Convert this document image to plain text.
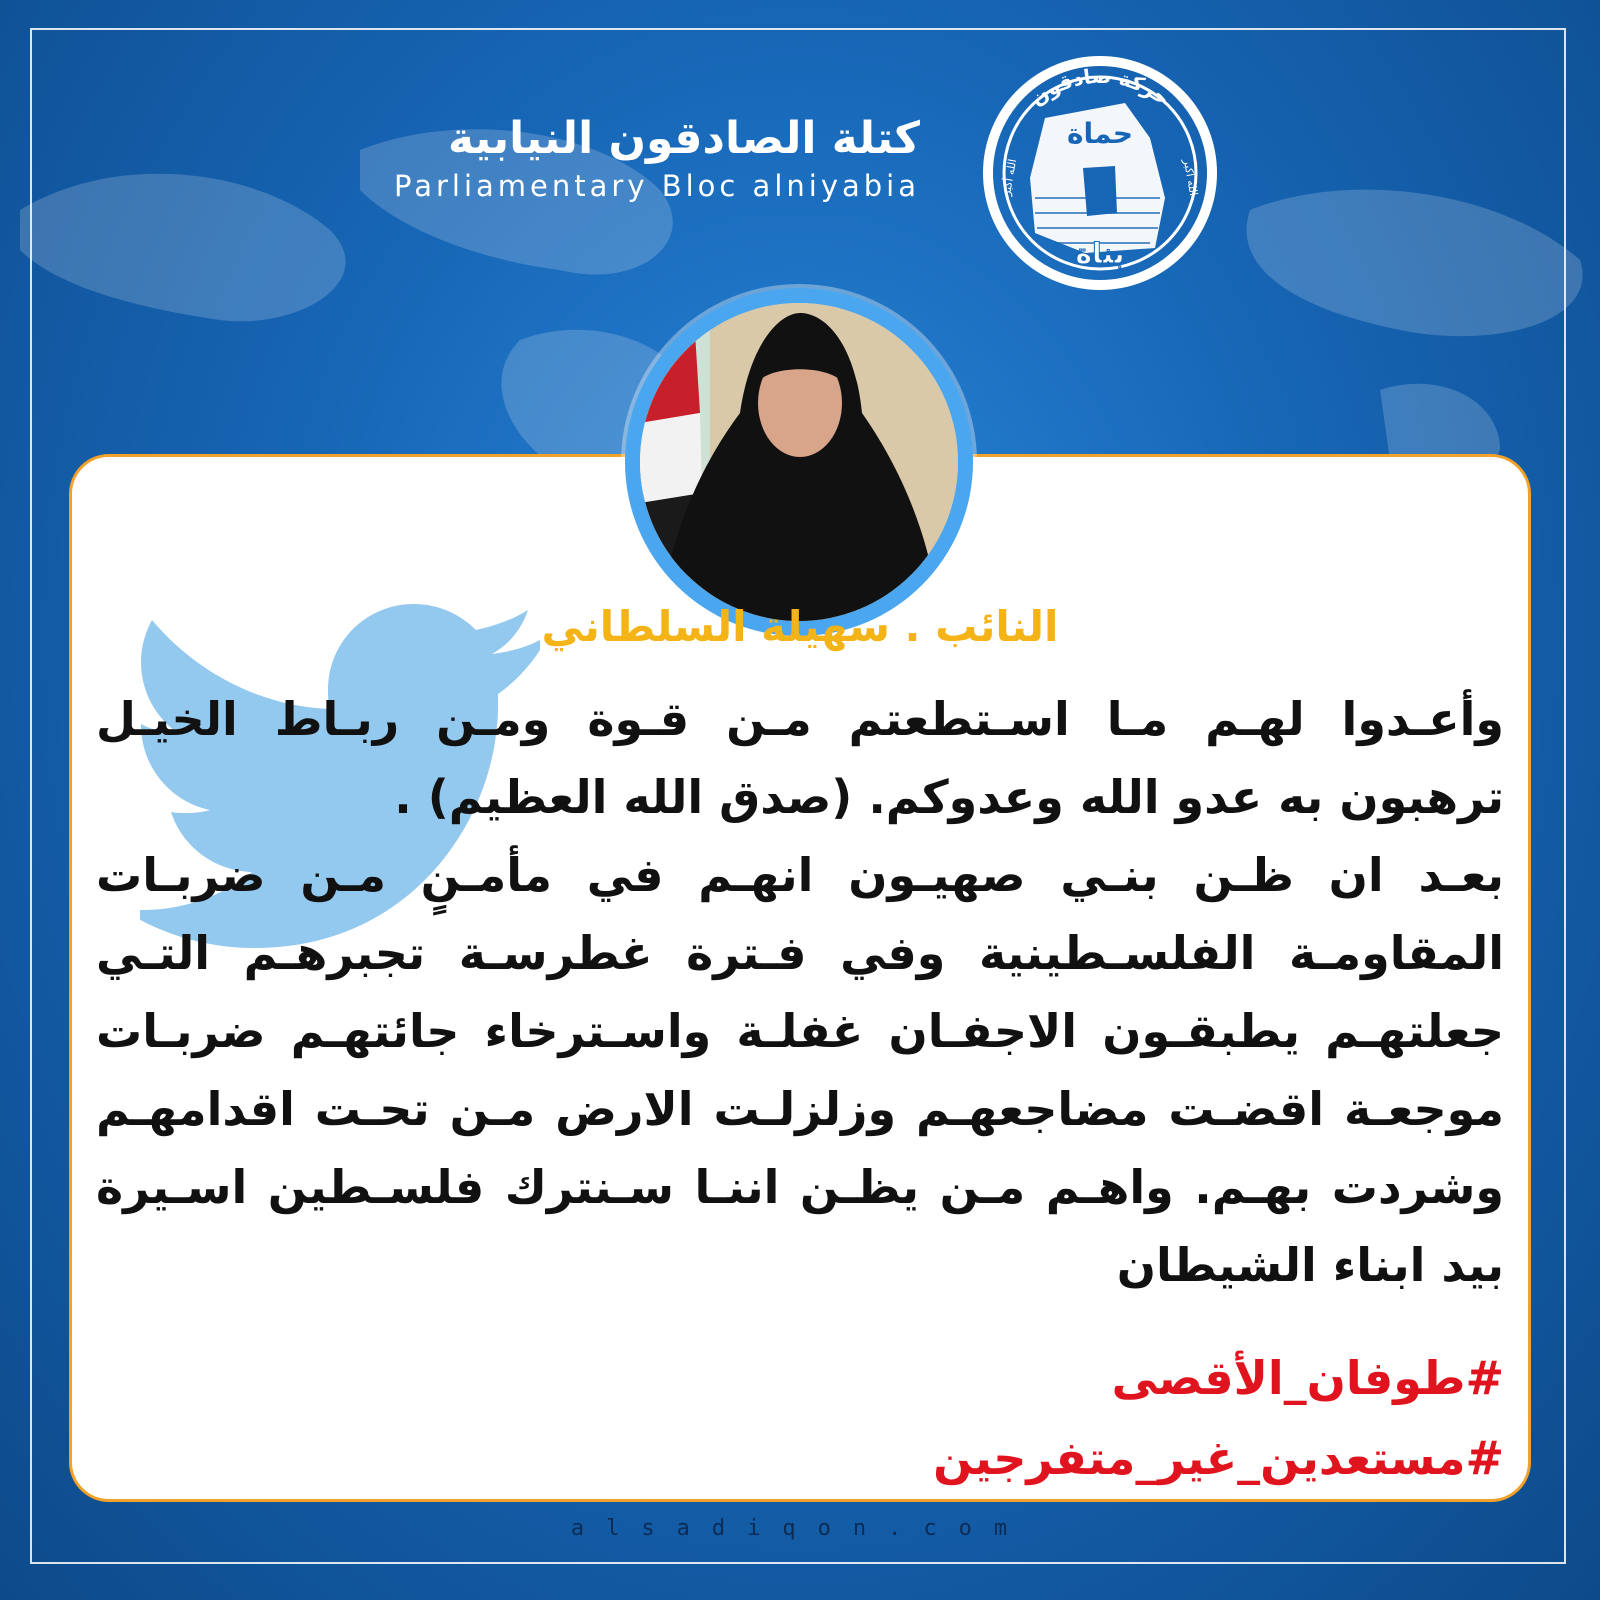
كتلة الصادقون النيابية
Parliamentary Bloc alniyabia
حركة صادقون
حماة
بناة
الله أكبر	الله أكبر
النائب . سهيلة السلطاني

وأعـدوا لهـم مـا اسـتطعتم مـن قـوة ومـن ربـاط الخيـل ترهبون به عدو الله وعدوكم. (صدق الله العظيم) .

بعـد ان ظـن بنـي صهيـون انهـم في مأمـنٍ مـن ضربـات المقاومـة الفلسـطينية وفي فـترة غطرسـة تجبرهـم التـي جعلتهـم يطبقـون الاجفـان غفلـة واسـترخاء جائتهـم ضربـات موجعـة اقضـت مضاجعهـم وزلزلـت الارض مـن تحـت اقدامهـم وشردت بهـم. واهـم مـن يظـن اننـا سـنترك فلسـطين اسـيرة بيد ابناء الشيطان

#طوفان_الأقصى
#مستعدين_غير_متفرجين
alsadiqon.com
